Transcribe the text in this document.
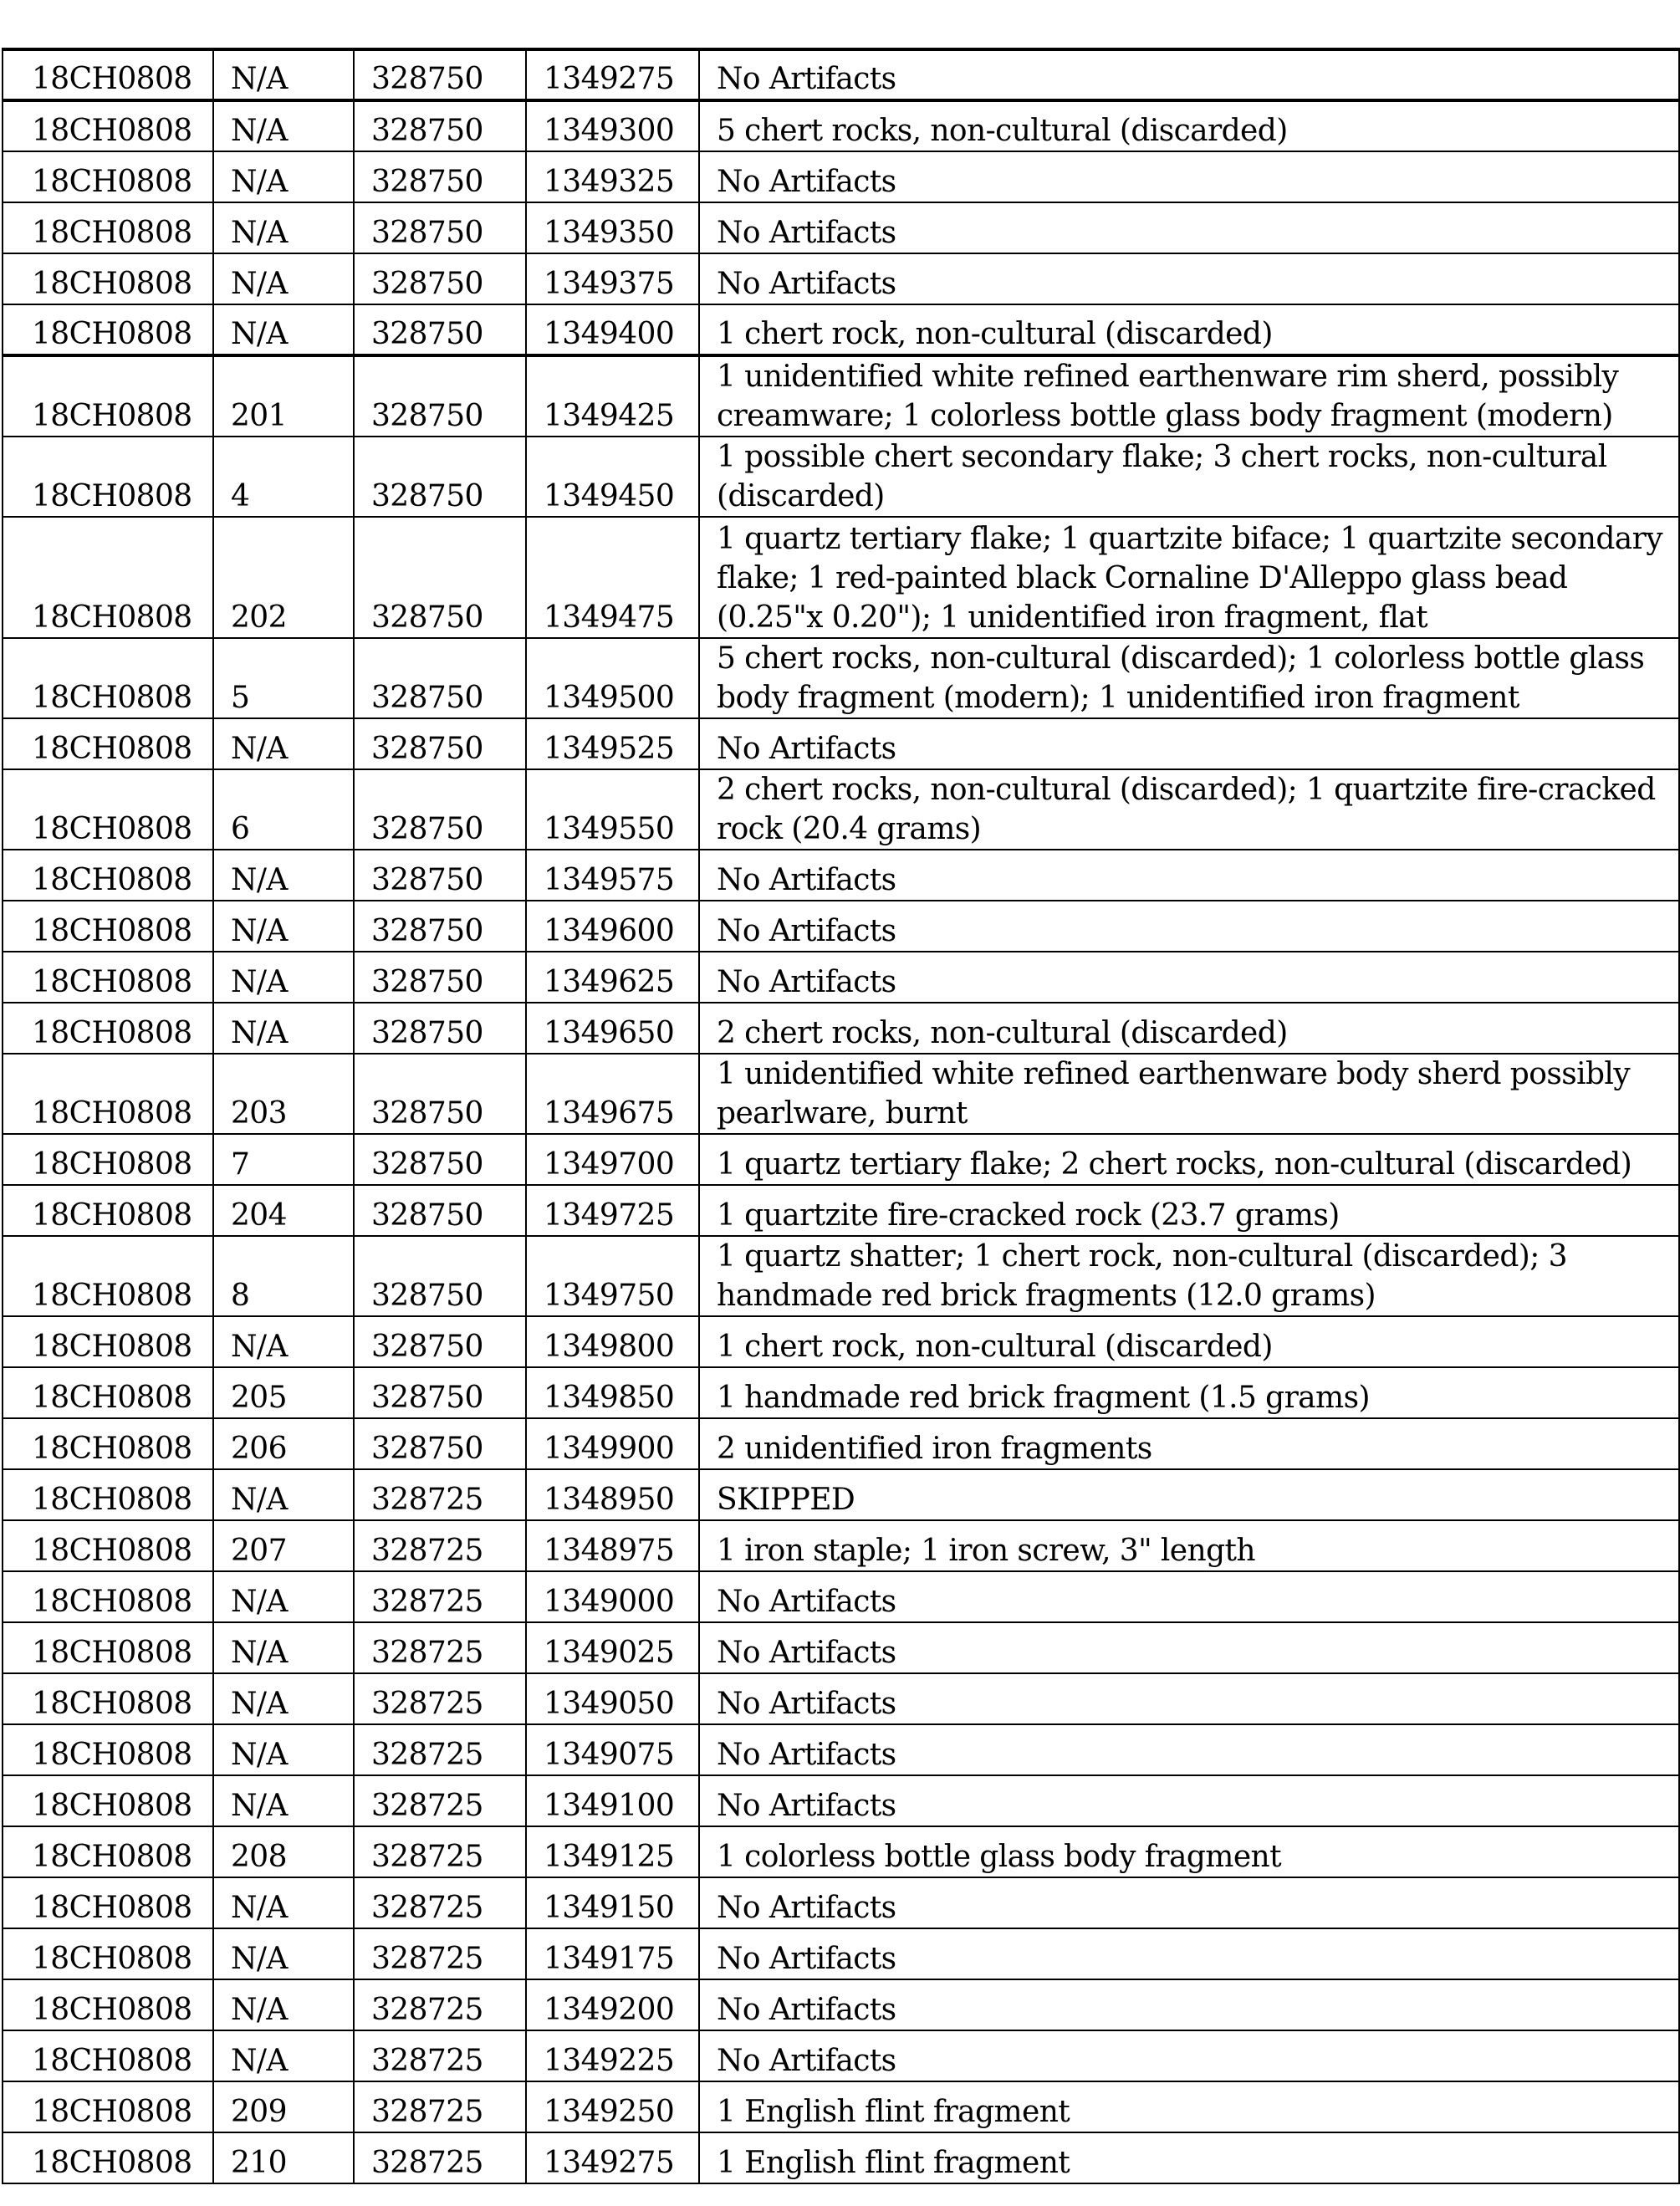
18CH0808	N/A	328750	1349275	No Artifacts
18CH0808	N/A	328750	1349300	5 chert rocks, non-cultural (discarded)
18CH0808	N/A	328750	1349325	No Artifacts
18CH0808	N/A	328750	1349350	No Artifacts
18CH0808	N/A	328750	1349375	No Artifacts
18CH0808	N/A	328750	1349400	1 chert rock, non-cultural (discarded)
18CH0808	201	328750	1349425	1 unidentified white refined earthenware rim sherd, possibly creamware; 1 colorless bottle glass body fragment (modern)
18CH0808	4	328750	1349450	1 possible chert secondary flake; 3 chert rocks, non-cultural (discarded)
18CH0808	202	328750	1349475	1 quartz tertiary flake; 1 quartzite biface; 1 quartzite secondary flake; 1 red-painted black Cornaline D'Alleppo glass bead (0.25"x 0.20"); 1 unidentified iron fragment, flat
18CH0808	5	328750	1349500	5 chert rocks, non-cultural (discarded); 1 colorless bottle glass body fragment (modern); 1 unidentified iron fragment
18CH0808	N/A	328750	1349525	No Artifacts
18CH0808	6	328750	1349550	2 chert rocks, non-cultural (discarded); 1 quartzite fire-cracked rock (20.4 grams)
18CH0808	N/A	328750	1349575	No Artifacts
18CH0808	N/A	328750	1349600	No Artifacts
18CH0808	N/A	328750	1349625	No Artifacts
18CH0808	N/A	328750	1349650	2 chert rocks, non-cultural (discarded)
18CH0808	203	328750	1349675	1 unidentified white refined earthenware body sherd possibly pearlware, burnt
18CH0808	7	328750	1349700	1 quartz tertiary flake; 2 chert rocks, non-cultural (discarded)
18CH0808	204	328750	1349725	1 quartzite fire-cracked rock (23.7 grams)
18CH0808	8	328750	1349750	1 quartz shatter; 1 chert rock, non-cultural (discarded); 3 handmade red brick fragments (12.0 grams)
18CH0808	N/A	328750	1349800	1 chert rock, non-cultural (discarded)
18CH0808	205	328750	1349850	1 handmade red brick fragment (1.5 grams)
18CH0808	206	328750	1349900	2 unidentified iron fragments
18CH0808	N/A	328725	1348950	SKIPPED
18CH0808	207	328725	1348975	1 iron staple; 1 iron screw, 3" length
18CH0808	N/A	328725	1349000	No Artifacts
18CH0808	N/A	328725	1349025	No Artifacts
18CH0808	N/A	328725	1349050	No Artifacts
18CH0808	N/A	328725	1349075	No Artifacts
18CH0808	N/A	328725	1349100	No Artifacts
18CH0808	208	328725	1349125	1 colorless bottle glass body fragment
18CH0808	N/A	328725	1349150	No Artifacts
18CH0808	N/A	328725	1349175	No Artifacts
18CH0808	N/A	328725	1349200	No Artifacts
18CH0808	N/A	328725	1349225	No Artifacts
18CH0808	209	328725	1349250	1 English flint fragment
18CH0808	210	328725	1349275	1 English flint fragment
